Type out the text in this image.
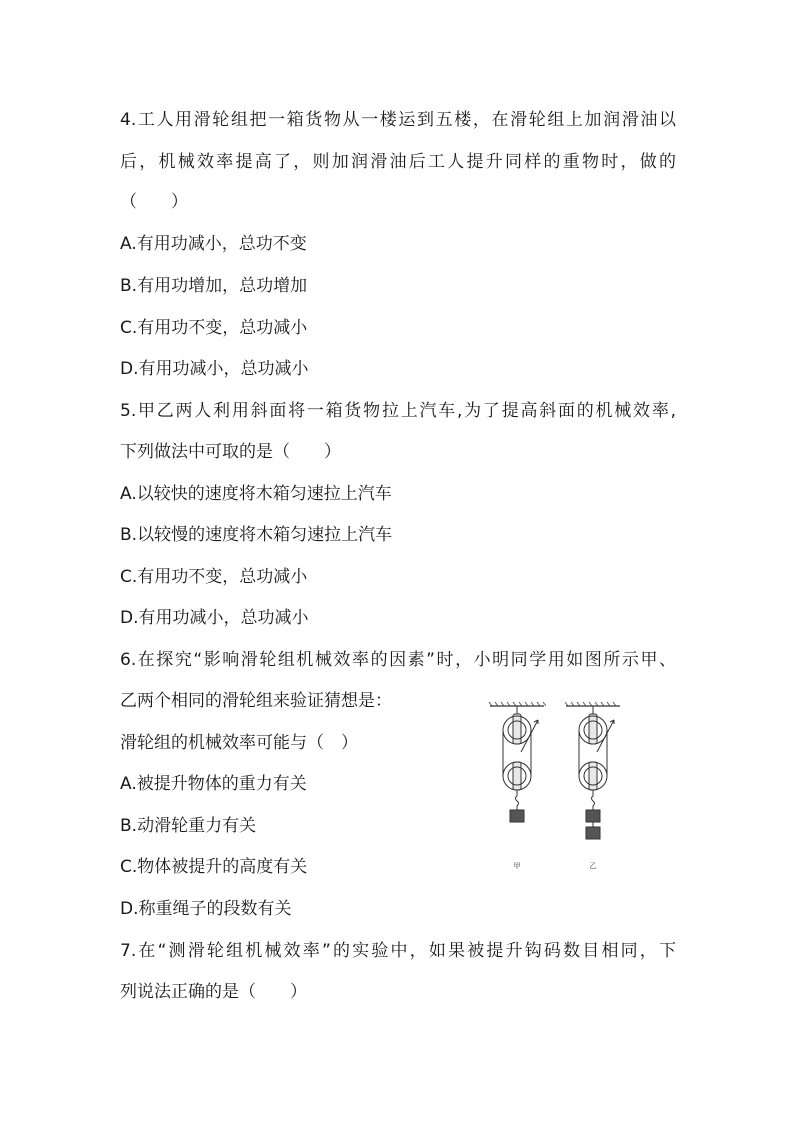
4.工人用滑轮组把一箱货物从一楼运到五楼，在滑轮组上加润滑油以

后，机械效率提高了，则加润滑油后工人提升同样的重物时，做的

（　　）

A.有用功减小，总功不变

B.有用功增加，总功增加

C.有用功不变，总功减小

D.有用功减小，总功减小

5.甲乙两人利用斜面将一箱货物拉上汽车,为了提高斜面的机械效率,

下列做法中可取的是（　　）

A.以较快的速度将木箱匀速拉上汽车

B.以较慢的速度将木箱匀速拉上汽车

C.有用功不变，总功减小

D.有用功减小，总功减小

6.在探究“影响滑轮组机械效率的因素”时，小明同学用如图所示甲、

乙两个相同的滑轮组来验证猜想是：

滑轮组的机械效率可能与（　）

A.被提升物体的重力有关

B.动滑轮重力有关

C.物体被提升的高度有关

D.称重绳子的段数有关

甲	乙

7.在“测滑轮组机械效率”的实验中，如果被提升钩码数目相同，下

列说法正确的是（　　）
